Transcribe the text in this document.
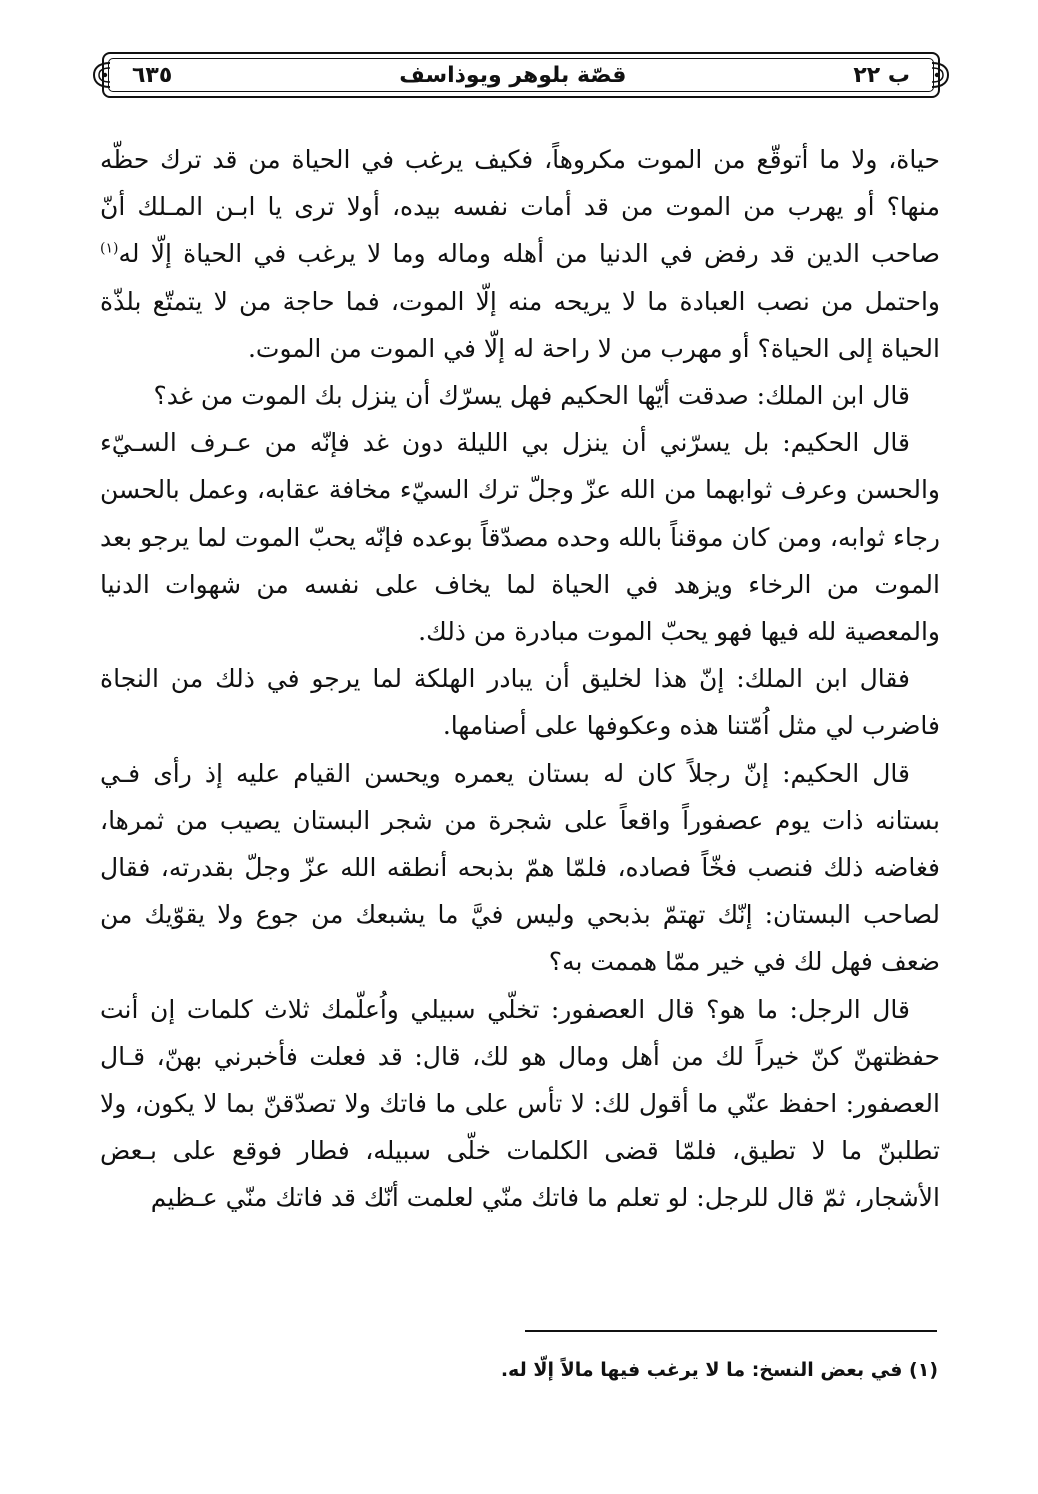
ب ٢٢
قصّة بلوهر ويوذاسف
٦٣٥

حياة، ولا ما أتوقّع من الموت مكروهاً، فكيف يرغب في الحياة من قد ترك حظّه منها؟ أو يهرب من الموت من قد أمات نفسه بيده، أولا ترى يا ابـن المـلك أنّ صاحب الدين قد رفض في الدنيا من أهله وماله وما لا يرغب في الحياة إلّا له$^{(١)}$ واحتمل من نصب العبادة ما لا يريحه منه إلّا الموت، فما حاجة من لا يتمتّع بلذّة الحياة إلى الحياة؟ أو مهرب من لا راحة له إلّا في الموت من الموت.

قال ابن الملك: صدقت أيّها الحكيم فهل يسرّك أن ينزل بك الموت من غد؟

قال الحكيم: بل يسرّني أن ينزل بي الليلة دون غد فإنّه من عـرف السـيّء والحسن وعرف ثوابهما من الله عزّ وجلّ ترك السيّء مخافة عقابه، وعمل بالحسن رجاء ثوابه، ومن كان موقناً بالله وحده مصدّقاً بوعده فإنّه يحبّ الموت لما يرجو بعد الموت من الرخاء ويزهد في الحياة لما يخاف على نفسه من شهوات الدنيا والمعصية لله فيها فهو يحبّ الموت مبادرة من ذلك.

فقال ابن الملك: إنّ هذا لخليق أن يبادر الهلكة لما يرجو في ذلك من النجاة فاضرب لي مثل اُمّتنا هذه وعكوفها على أصنامها.

قال الحكيم: إنّ رجلاً كان له بستان يعمره ويحسن القيام عليه إذ رأى فـي بستانه ذات يوم عصفوراً واقعاً على شجرة من شجر البستان يصيب من ثمرها، فغاضه ذلك فنصب فخّاً فصاده، فلمّا همّ بذبحه أنطقه الله عزّ وجلّ بقدرته، فقال لصاحب البستان: إنّك تهتمّ بذبحي وليس فيَّ ما يشبعك من جوع ولا يقوّيك من ضعف فهل لك في خير ممّا هممت به؟

قال الرجل: ما هو؟ قال العصفور: تخلّي سبيلي واُعلّمك ثلاث كلمات إن أنت حفظتهنّ كنّ خيراً لك من أهل ومال هو لك، قال: قد فعلت فأخبرني بهنّ، قـال العصفور: احفظ عنّي ما أقول لك: لا تأس على ما فاتك ولا تصدّقنّ بما لا يكون، ولا تطلبنّ ما لا تطيق، فلمّا قضى الكلمات خلّى سبيله، فطار فوقع على بـعض الأشجار، ثمّ قال للرجل: لو تعلم ما فاتك منّي لعلمت أنّك قد فاتك منّي عـظيم

(١) في بعض النسخ: ما لا يرغب فيها مالاً إلّا له.
